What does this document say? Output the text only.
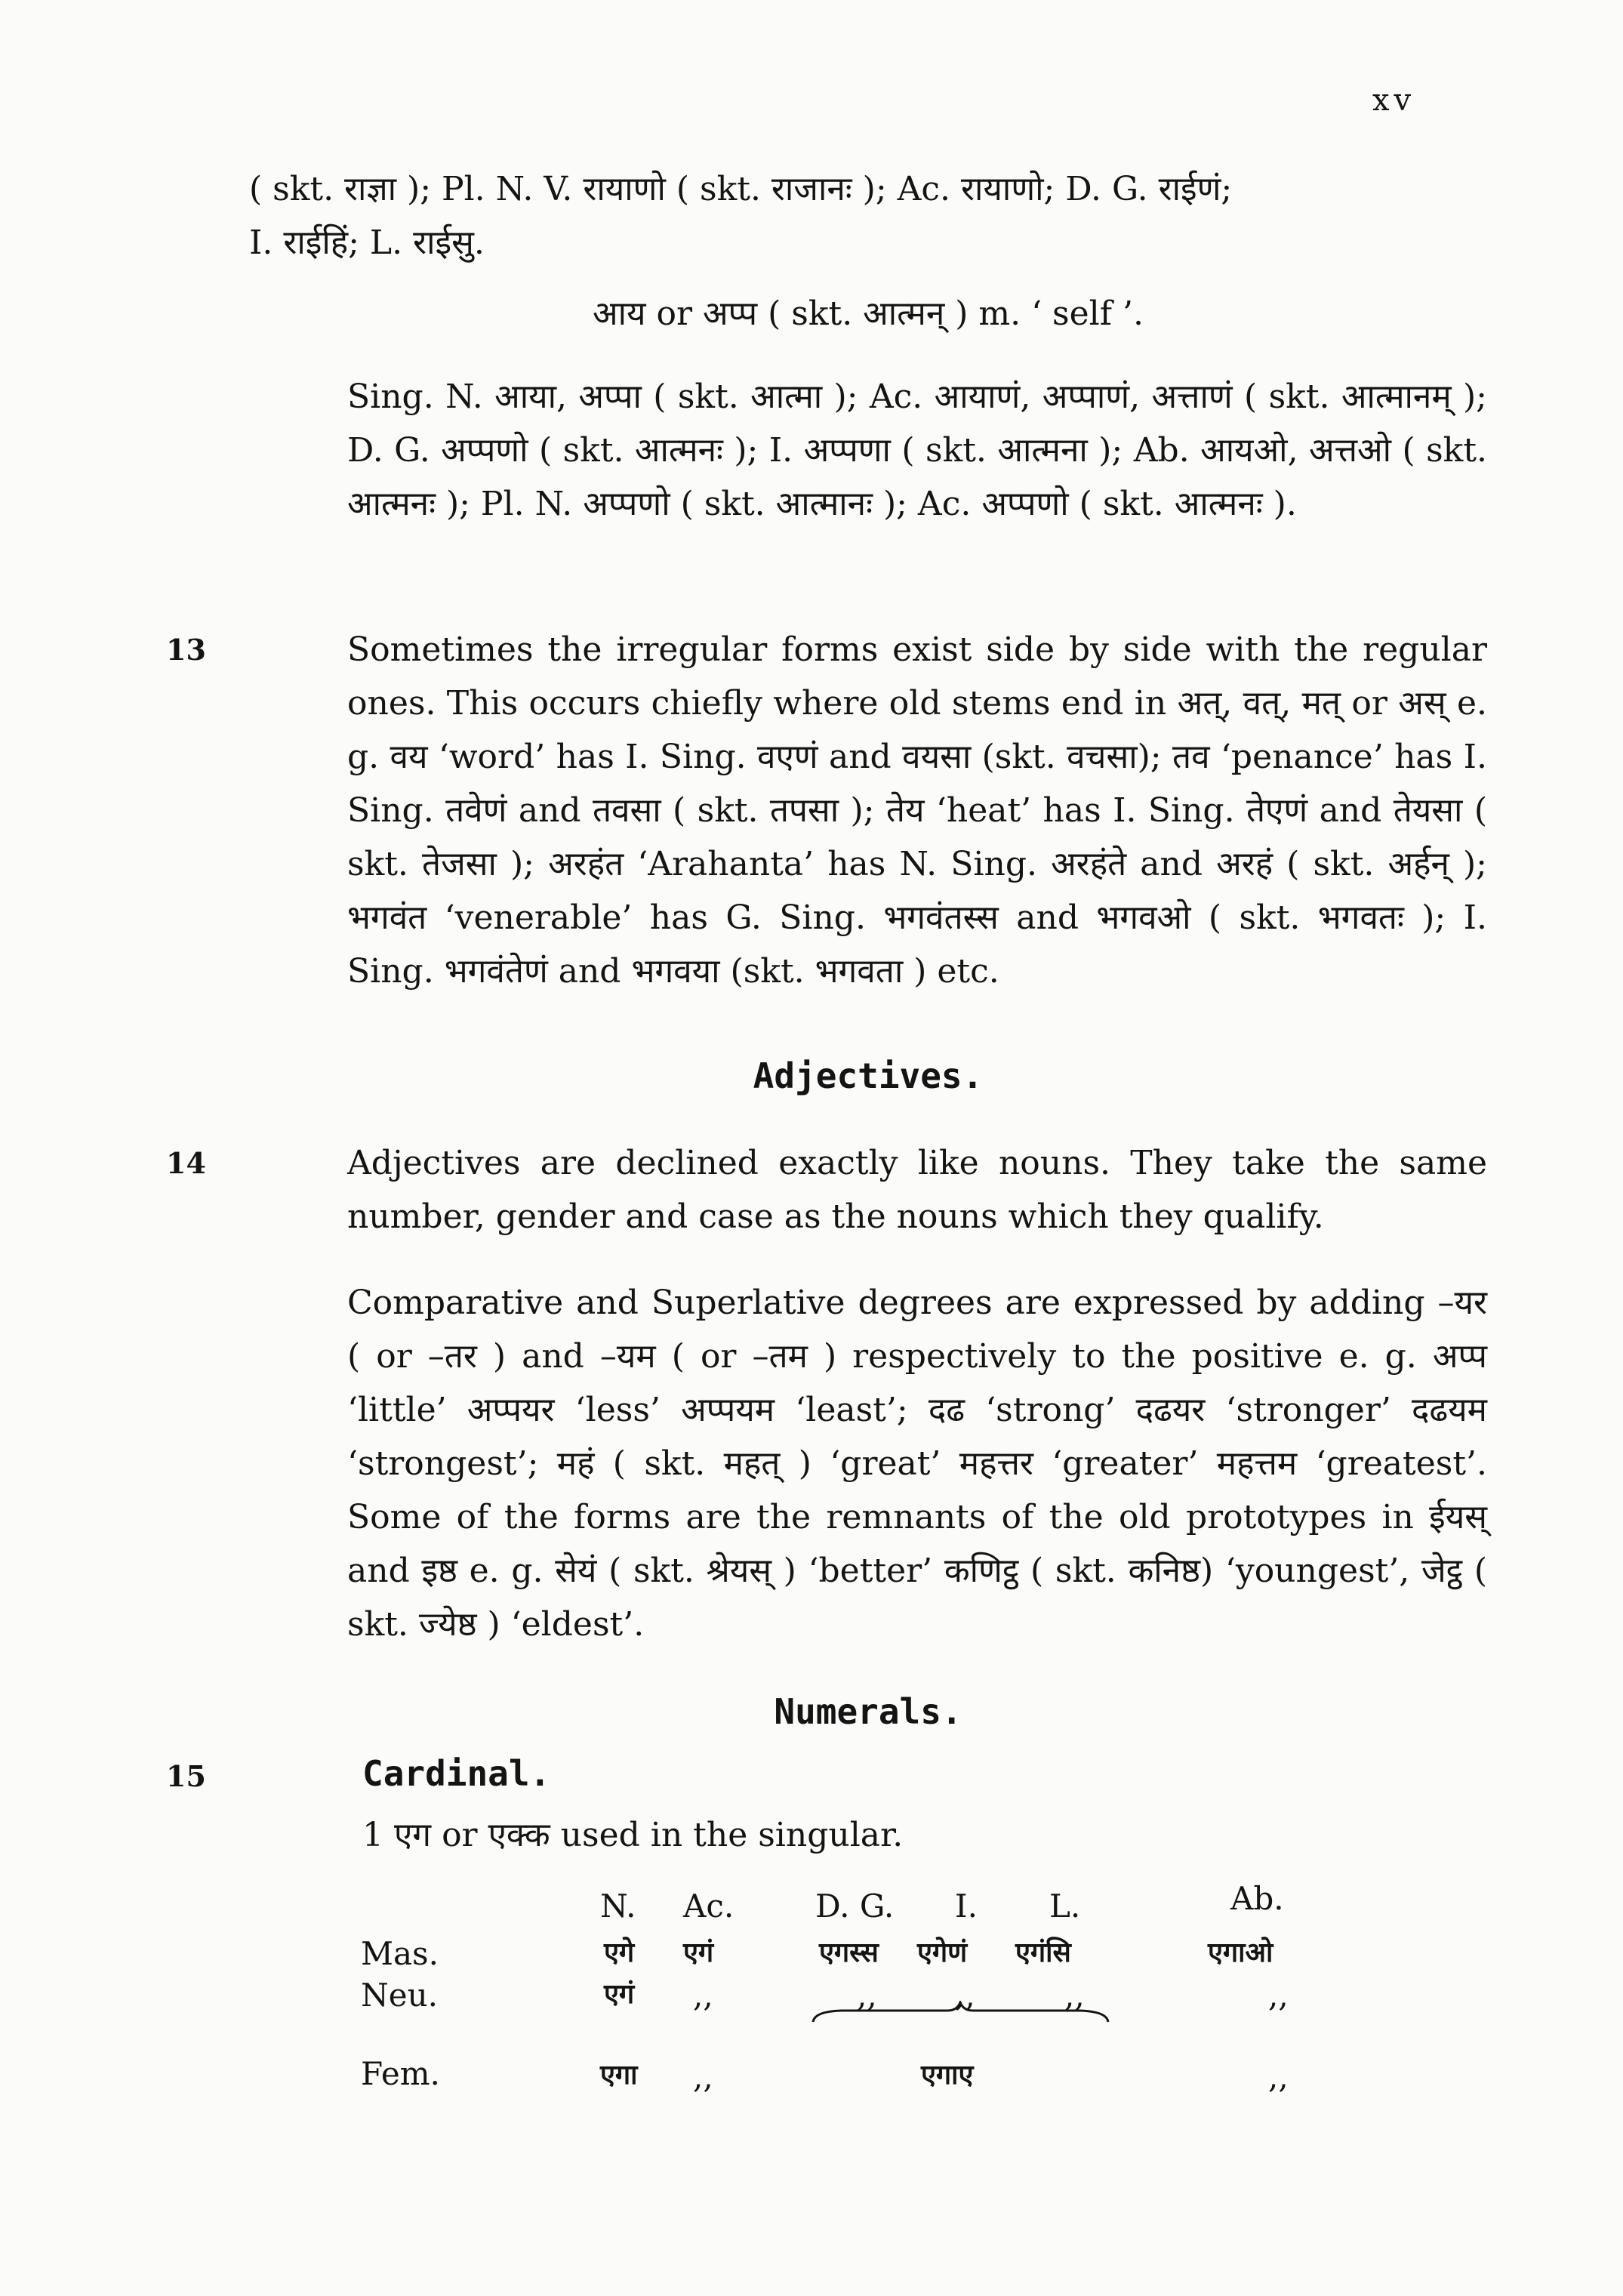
xv
( skt. राज्ञा ); Pl. N. V. रायाणो ( skt. राजानः ); Ac. रायाणो; D. G. राईणं;
I. राईहिं; L. राईसु.
आय or अप्प ( skt. आत्मन् ) m. ‘ self ’.
Sing. N. आया, अप्पा ( skt. आत्मा ); Ac. आयाणं, अप्पाणं, अत्ताणं ( skt. आत्मानम् ); D. G. अप्पणो ( skt. आत्मनः ); I. अप्पणा ( skt. आत्मना ); Ab. आयओ, अत्तओ ( skt. आत्मनः ); Pl. N. अप्पणो ( skt. आत्मानः ); Ac. अप्पणो ( skt. आत्मनः ).
13	Sometimes the irregular forms exist side by side with the regular ones. This occurs chiefly where old stems end in अत्, वत्, मत् or अस् e. g. वय ‘word’ has I. Sing. वएणं and वयसा (skt. वचसा); तव ‘penance’ has I. Sing. तवेणं and तवसा ( skt. तपसा ); तेय ‘heat’ has I. Sing. तेएणं and तेयसा ( skt. तेजसा ); अरहंत ‘Arahanta’ has N. Sing. अरहंते and अरहं ( skt. अर्हन् ); भगवंत ‘venerable’ has G. Sing. भगवंतस्स and भगवओ ( skt. भगवतः ); I. Sing. भगवंतेणं and भगवया (skt. भगवता ) etc.
Adjectives.
14	Adjectives are declined exactly like nouns. They take the same number, gender and case as the nouns which they qualify.
Comparative and Superlative degrees are expressed by adding –यर ( or –तर ) and –यम ( or –तम ) respectively to the positive e. g. अप्प ‘little’ अप्पयर ‘less’ अप्पयम ‘least’; दढ ‘strong’ दढयर ‘stronger’ दढयम ‘strongest’; महं ( skt. महत् ) ‘great’ महत्तर ‘greater’ महत्तम ‘greatest’. Some of the forms are the remnants of the old prototypes in ईयस् and इष्ठ e. g. सेयं ( skt. श्रेयस् ) ‘better’ कणिट्ठ ( skt. कनिष्ठ) ‘youngest’, जेट्ठ ( skt. ज्येष्ठ ) ‘eldest’.
Numerals.
15	Cardinal.
1 एग or एक्क used in the singular.
N. Ac.	D. G. I. L.	Ab.
Mas.	एगे एगं	एगस्स एगेणं एगंसि	एगाओ
Neu.	एगं ,,	,, ,,	,,	,,
Fem.	एगा ,,	एगाए	,,
